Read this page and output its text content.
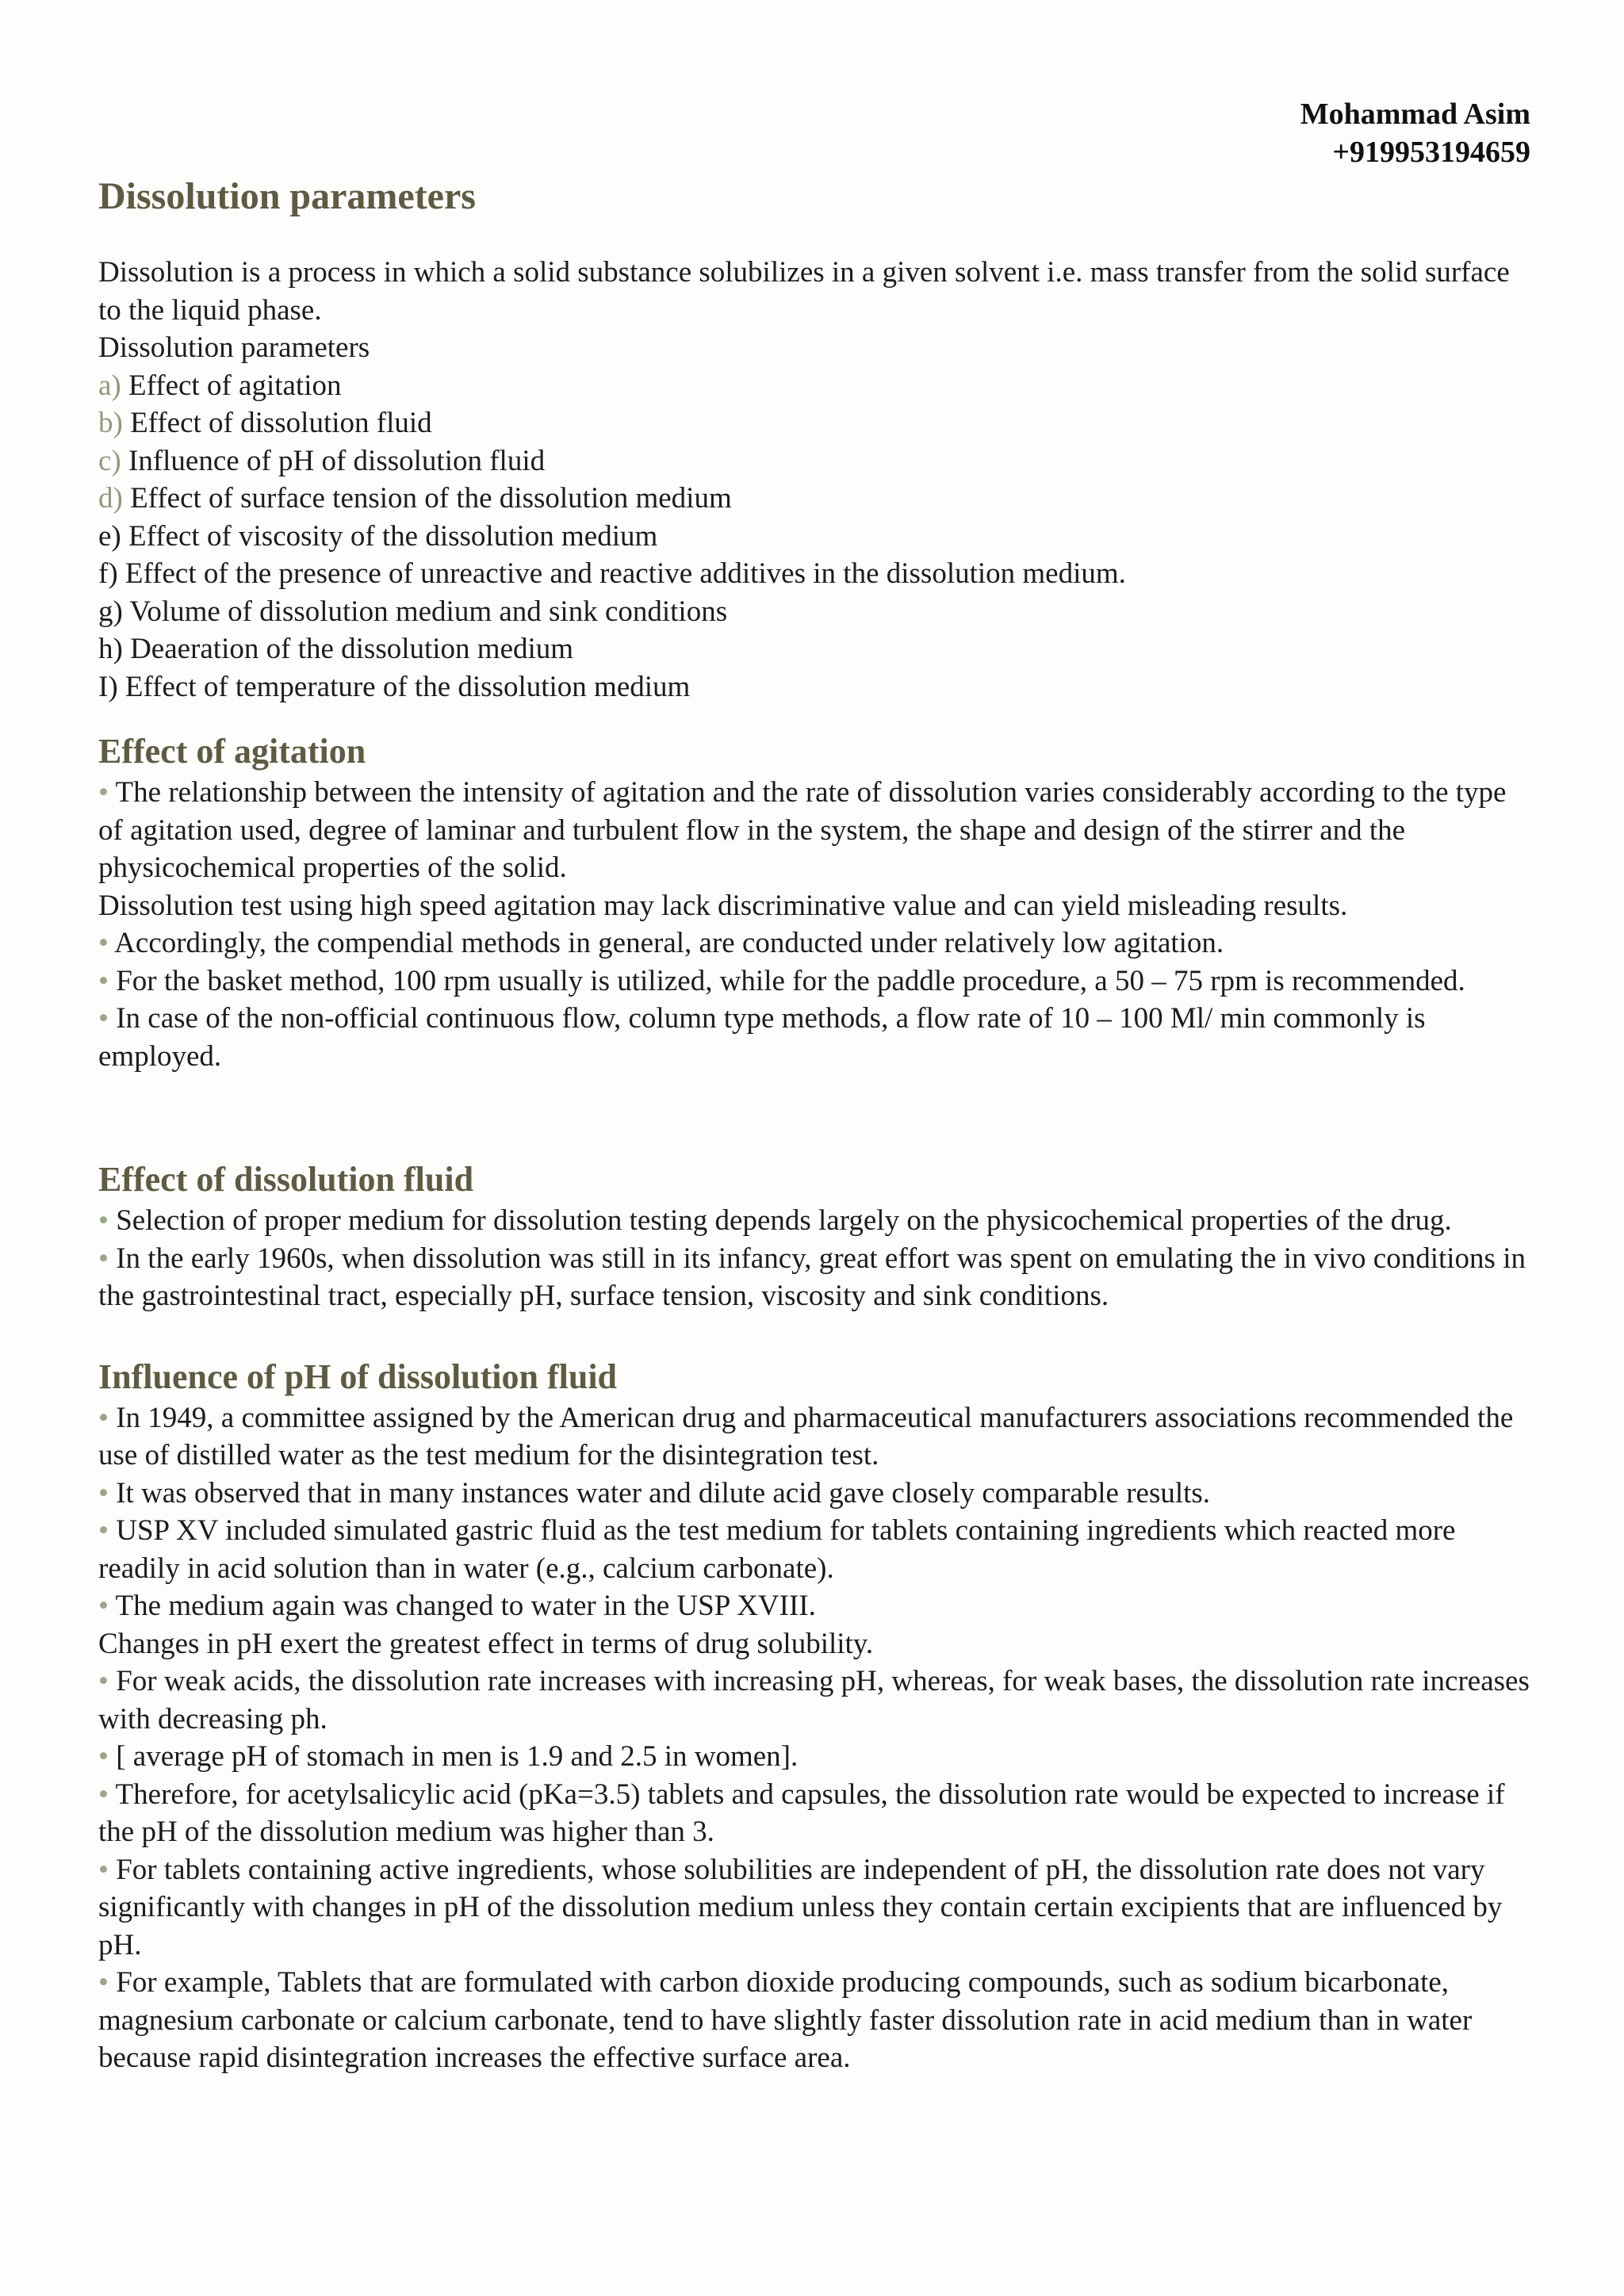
Mohammad Asim
+919953194659
Dissolution parameters

Dissolution is a process in which a solid substance solubilizes in a given solvent i.e. mass transfer from the solid surface to the liquid phase.

Dissolution parameters

a) Effect of agitation

b) Effect of dissolution fluid

c) Influence of pH of dissolution fluid

d) Effect of surface tension of the dissolution medium

e) Effect of viscosity of the dissolution medium

f) Effect of the presence of unreactive and reactive additives in the dissolution medium.

g) Volume of dissolution medium and sink conditions

h) Deaeration of the dissolution medium

I) Effect of temperature of the dissolution medium

Effect of agitation

• The relationship between the intensity of agitation and the rate of dissolution varies considerably according to the type of agitation used, degree of laminar and turbulent flow in the system, the shape and design of the stirrer and the physicochemical properties of the solid.

Dissolution test using high speed agitation may lack discriminative value and can yield misleading results.

• Accordingly, the compendial methods in general, are conducted under relatively low agitation.

• For the basket method, 100 rpm usually is utilized, while for the paddle procedure, a 50 – 75 rpm is recommended.

• In case of the non-official continuous flow, column type methods, a flow rate of 10 – 100 Ml/ min commonly is employed.

Effect of dissolution fluid

• Selection of proper medium for dissolution testing depends largely on the physicochemical properties of the drug.

• In the early 1960s, when dissolution was still in its infancy, great effort was spent on emulating the in vivo conditions in the gastrointestinal tract, especially pH, surface tension, viscosity and sink conditions.

Influence of pH of dissolution fluid

• In 1949, a committee assigned by the American drug and pharmaceutical manufacturers associations recommended the use of distilled water as the test medium for the disintegration test.

• It was observed that in many instances water and dilute acid gave closely comparable results.

• USP XV included simulated gastric fluid as the test medium for tablets containing ingredients which reacted more readily in acid solution than in water (e.g., calcium carbonate).

• The medium again was changed to water in the USP XVIII.

Changes in pH exert the greatest effect in terms of drug solubility.

• For weak acids, the dissolution rate increases with increasing pH, whereas, for weak bases, the dissolution rate increases with decreasing ph.

• [ average pH of stomach in men is 1.9 and 2.5 in women].

• Therefore, for acetylsalicylic acid (pKa=3.5) tablets and capsules, the dissolution rate would be expected to increase if the pH of the dissolution medium was higher than 3.

• For tablets containing active ingredients, whose solubilities are independent of pH, the dissolution rate does not vary significantly with changes in pH of the dissolution medium unless they contain certain excipients that are influenced by pH.

• For example, Tablets that are formulated with carbon dioxide producing compounds, such as sodium bicarbonate, magnesium carbonate or calcium carbonate, tend to have slightly faster dissolution rate in acid medium than in water because rapid disintegration increases the effective surface area.
